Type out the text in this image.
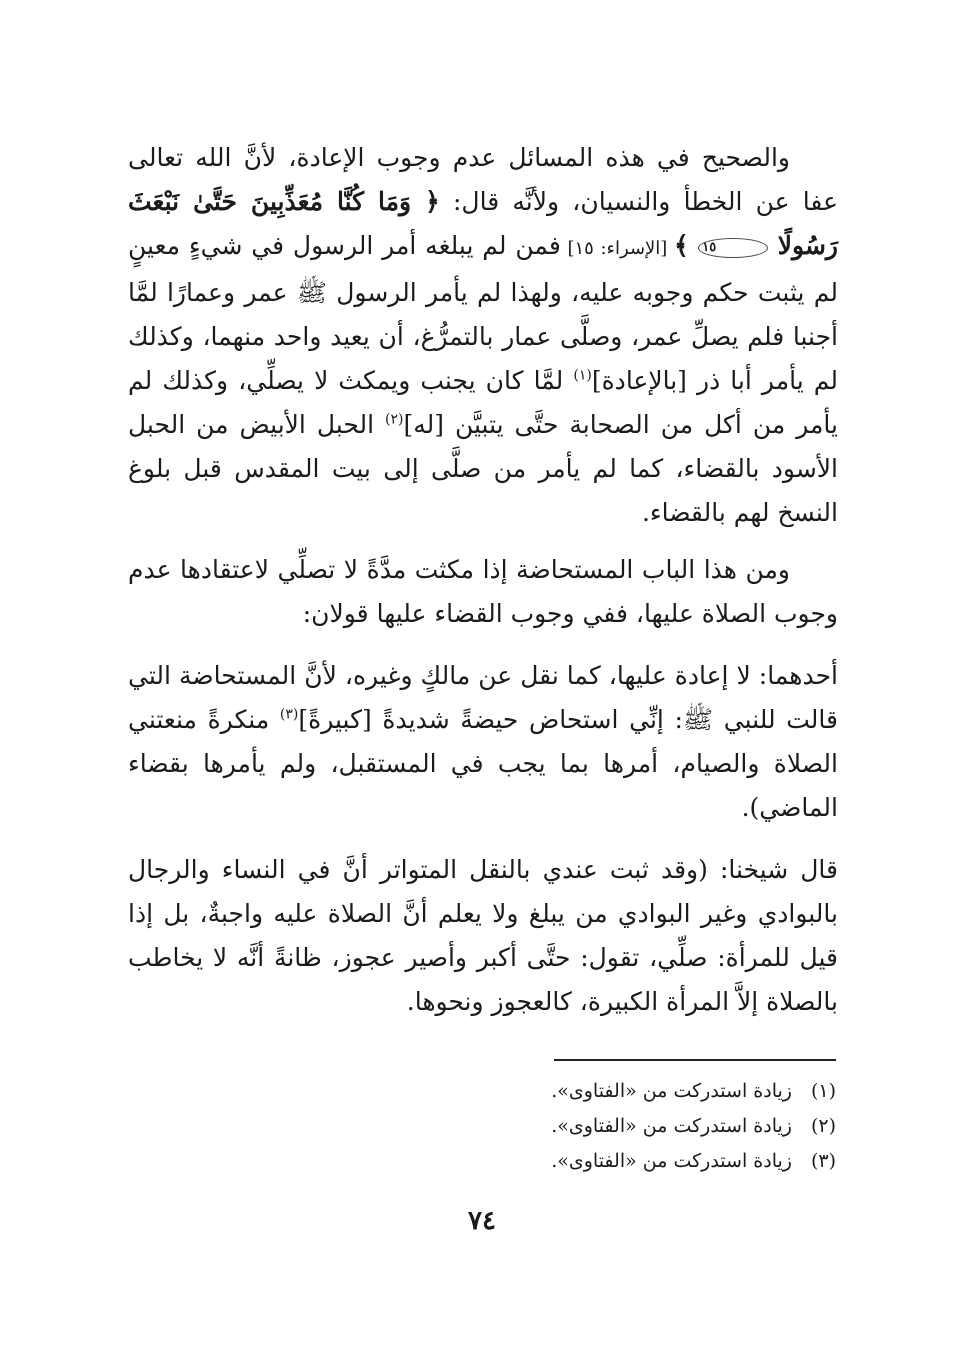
والصحيح في هذه المسائل عدم وجوب الإعادة، لأنَّ الله تعالى عفا عن الخطأ والنسيان، ولأنَّه قال: ﴿ وَمَا كُنَّا مُعَذِّبِينَ حَتَّىٰ نَبْعَثَ رَسُولًا ١٥ ﴾ [الإسراء: ١٥] فمن لم يبلغه أمر الرسول في شيءٍ معينٍ لم يثبت حكم وجوبه عليه، ولهذا لم يأمر الرسول ﷺ عمر وعمارًا لمَّا أجنبا فلم يصلِّ عمر، وصلَّى عمار بالتمرُّغ، أن يعيد واحد منهما، وكذلك لم يأمر أبا ذر [بالإعادة]$^{(١)}$ لمَّا كان يجنب ويمكث لا يصلِّي، وكذلك لم يأمر من أكل من الصحابة حتَّى يتبيَّن [له]$^{(٢)}$ الحبل الأبيض من الحبل الأسود بالقضاء، كما لم يأمر من صلَّى إلى بيت المقدس قبل بلوغ النسخ لهم بالقضاء.
ومن هذا الباب المستحاضة إذا مكثت مدَّةً لا تصلِّي لاعتقادها عدم وجوب الصلاة عليها، ففي وجوب القضاء عليها قولان:
أحدهما: لا إعادة عليها، كما نقل عن مالكٍ وغيره، لأنَّ المستحاضة التي قالت للنبي ﷺ: إنِّي استحاض حيضةً شديدةً [كبيرةً]$^{(٣)}$ منكرةً منعتني الصلاة والصيام، أمرها بما يجب في المستقبل، ولم يأمرها بقضاء الماضي).
قال شيخنا: (وقد ثبت عندي بالنقل المتواتر أنَّ في النساء والرجال بالبوادي وغير البوادي من يبلغ ولا يعلم أنَّ الصلاة عليه واجبةٌ، بل إذا قيل للمرأة: صلِّي، تقول: حتَّى أكبر وأصير عجوز، ظانةً أنَّه لا يخاطب بالصلاة إلاَّ المرأة الكبيرة، كالعجوز ونحوها.
(١) زيادة استدركت من «الفتاوى».
(٢) زيادة استدركت من «الفتاوى».
(٣) زيادة استدركت من «الفتاوى».
٧٤
